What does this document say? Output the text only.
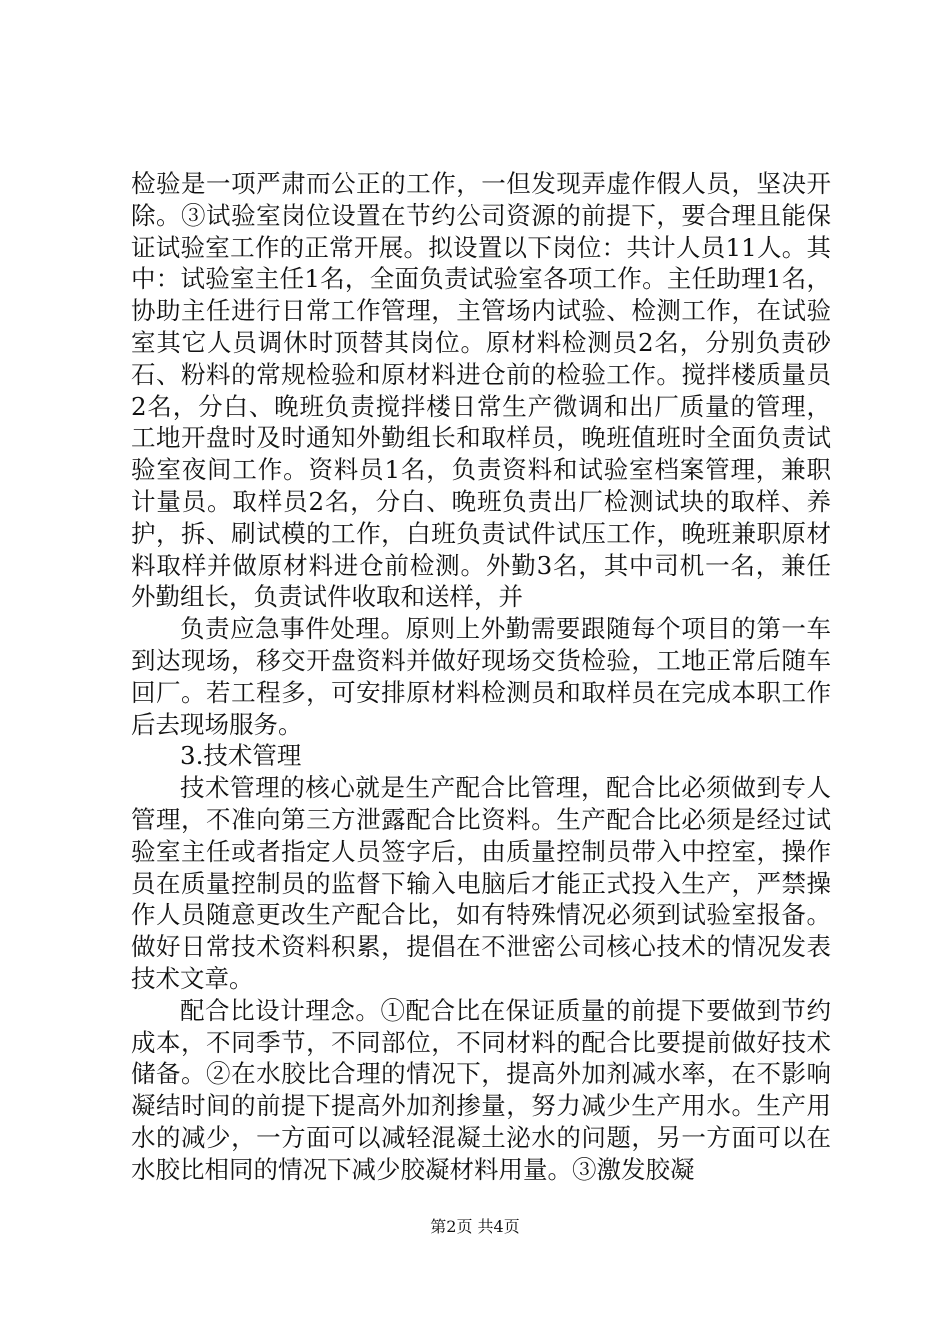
检验是一项严肃而公正的工作，一但发现弄虚作假人员，坚决开除。③试验室岗位设置在节约公司资源的前提下，要合理且能保证试验室工作的正常开展。拟设置以下岗位：共计人员11人。其中：试验室主任1名，全面负责试验室各项工作。主任助理1名，协助主任进行日常工作管理，主管场内试验、检测工作，在试验室其它人员调休时顶替其岗位。原材料检测员2名，分别负责砂石、粉料的常规检验和原材料进仓前的检验工作。搅拌楼质量员2名，分白、晚班负责搅拌楼日常生产微调和出厂质量的管理，工地开盘时及时通知外勤组长和取样员，晚班值班时全面负责试验室夜间工作。资料员1名，负责资料和试验室档案管理，兼职计量员。取样员2名，分白、晚班负责出厂检测试块的取样、养护，拆、刷试模的工作，白班负责试件试压工作，晚班兼职原材料取样并做原材料进仓前检测。外勤3名，其中司机一名，兼任外勤组长，负责试件收取和送样，并

负责应急事件处理。原则上外勤需要跟随每个项目的第一车到达现场，移交开盘资料并做好现场交货检验，工地正常后随车回厂。若工程多，可安排原材料检测员和取样员在完成本职工作后去现场服务。

3.技术管理

技术管理的核心就是生产配合比管理，配合比必须做到专人管理，不准向第三方泄露配合比资料。生产配合比必须是经过试验室主任或者指定人员签字后，由质量控制员带入中控室，操作员在质量控制员的监督下输入电脑后才能正式投入生产，严禁操作人员随意更改生产配合比，如有特殊情况必须到试验室报备。做好日常技术资料积累，提倡在不泄密公司核心技术的情况发表技术文章。

配合比设计理念。①配合比在保证质量的前提下要做到节约成本，不同季节，不同部位，不同材料的配合比要提前做好技术储备。②在水胶比合理的情况下，提高外加剂减水率，在不影响凝结时间的前提下提高外加剂掺量，努力减少生产用水。生产用水的减少，一方面可以减轻混凝土泌水的问题，另一方面可以在水胶比相同的情况下减少胶凝材料用量。③激发胶凝

第2页 共4页
